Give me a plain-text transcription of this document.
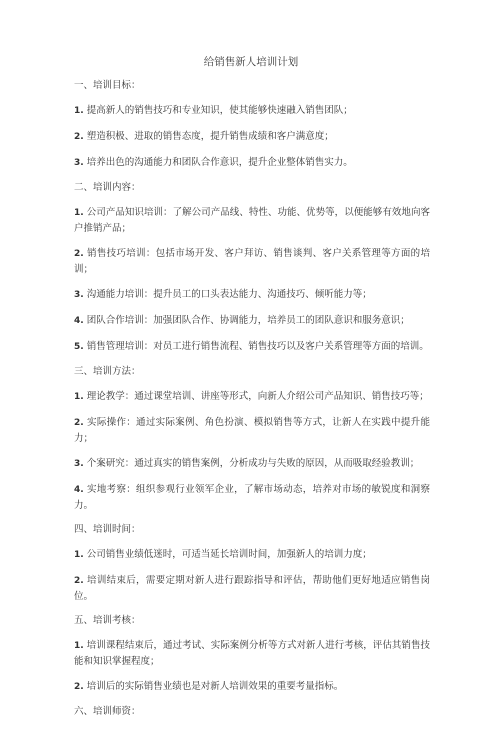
给销售新人培训计划
一、培训目标：
1. 提高新人的销售技巧和专业知识，使其能够快速融入销售团队；
2. 塑造积极、进取的销售态度，提升销售成绩和客户满意度；
3. 培养出色的沟通能力和团队合作意识，提升企业整体销售实力。
二、培训内容：
1. 公司产品知识培训：了解公司产品线、特性、功能、优势等，以便能够有效地向客户推销产品；
2. 销售技巧培训：包括市场开发、客户拜访、销售谈判、客户关系管理等方面的培训；
3. 沟通能力培训：提升员工的口头表达能力、沟通技巧、倾听能力等；
4. 团队合作培训：加强团队合作、协调能力，培养员工的团队意识和服务意识；
5. 销售管理培训：对员工进行销售流程、销售技巧以及客户关系管理等方面的培训。
三、培训方法：
1. 理论教学：通过课堂培训、讲座等形式，向新人介绍公司产品知识、销售技巧等；
2. 实际操作：通过实际案例、角色扮演、模拟销售等方式，让新人在实践中提升能力；
3. 个案研究：通过真实的销售案例，分析成功与失败的原因，从而吸取经验教训；
4. 实地考察：组织参观行业领军企业，了解市场动态，培养对市场的敏锐度和洞察力。
四、培训时间：
1. 公司销售业绩低迷时，可适当延长培训时间，加强新人的培训力度；
2. 培训结束后，需要定期对新人进行跟踪指导和评估，帮助他们更好地适应销售岗位。
五、培训考核：
1. 培训课程结束后，通过考试、实际案例分析等方式对新人进行考核，评估其销售技能和知识掌握程度；
2. 培训后的实际销售业绩也是对新人培训效果的重要考量指标。
六、培训师资：
